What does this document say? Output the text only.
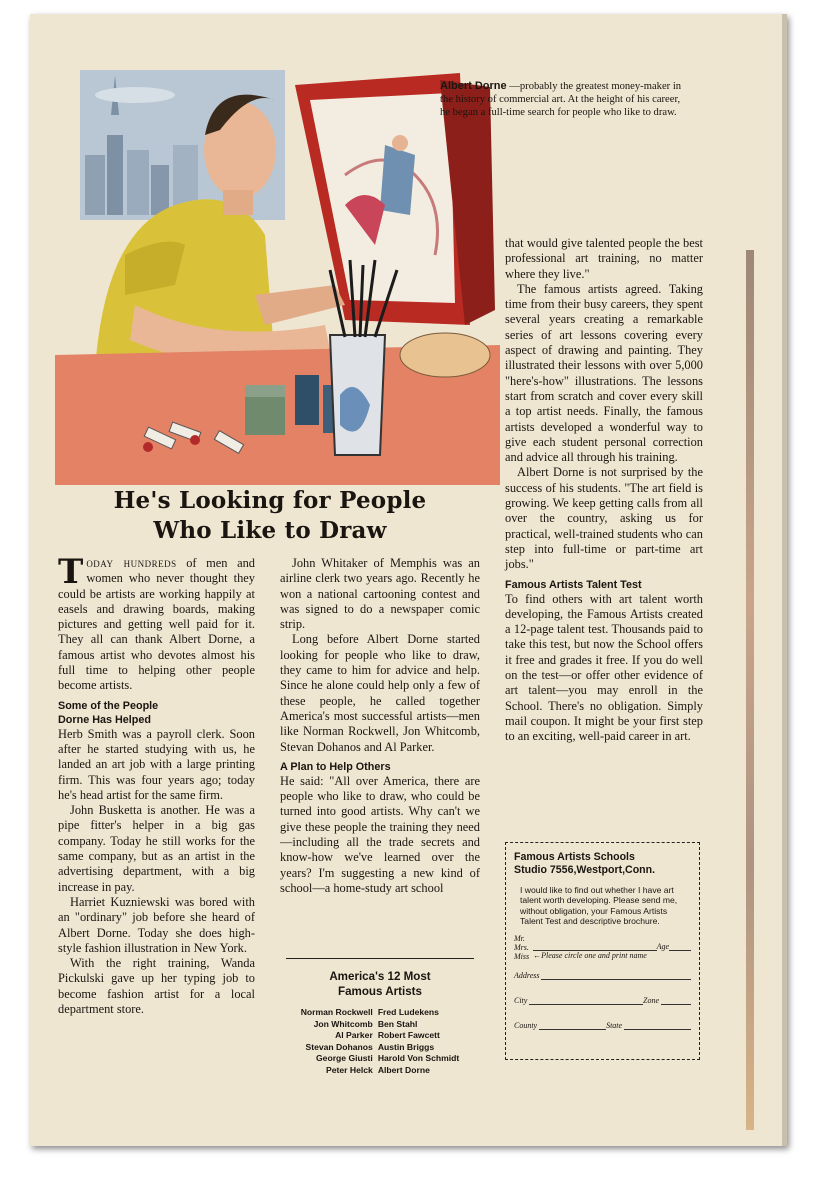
Albert Dorne —probably the greatest money-maker in the history of commercial art. At the height of his career, he began a full-time search for people who like to draw.
He's Looking for People
Who Like to Draw

Today hundreds of men and women who never thought they could be artists are working happily at easels and drawing boards, making pictures and getting well paid for it. They all can thank Albert Dorne, a famous artist who devotes almost his full time to helping other people become artists.

Some of the People
Dorne Has Helped

Herb Smith was a payroll clerk. Soon after he started studying with us, he landed an art job with a large printing firm. This was four years ago; today he's head artist for the same firm.

John Busketta is another. He was a pipe fitter's helper in a big gas company. Today he still works for the same company, but as an artist in the advertising department, with a big increase in pay.

Harriet Kuzniewski was bored with an "ordinary" job before she heard of Albert Dorne. Today she does high-style fashion illustration in New York.

With the right training, Wanda Pickulski gave up her typing job to become fashion artist for a local department store.

John Whitaker of Memphis was an airline clerk two years ago. Recently he won a national cartooning contest and was signed to do a newspaper comic strip.

Long before Albert Dorne started looking for people who like to draw, they came to him for advice and help. Since he alone could help only a few of these people, he called together America's most successful artists—men like Norman Rockwell, Jon Whitcomb, Stevan Dohanos and Al Parker.

A Plan to Help Others

He said: "All over America, there are people who like to draw, who could be turned into good artists. Why can't we give these people the training they need—including all the trade secrets and know-how we've learned over the years? I'm suggesting a new kind of school—a home-study art school

America's 12 Most
Famous Artists
Norman Rockwell
Jon Whitcomb
Al Parker
Stevan Dohanos
George Giusti
Peter Helck
Fred Ludekens
Ben Stahl
Robert Fawcett
Austin Briggs
Harold Von Schmidt
Albert Dorne

that would give talented people the best professional art training, no matter where they live."

The famous artists agreed. Taking time from their busy careers, they spent several years creating a remarkable series of art lessons covering every aspect of drawing and painting. They illustrated their lessons with over 5,000 "here's-how" illustrations. The lessons start from scratch and cover every skill a top artist needs. Finally, the famous artists developed a wonderful way to give each student personal correction and advice all through his training.

Albert Dorne is not surprised by the success of his students. "The art field is growing. We keep getting calls from all over the country, asking us for practical, well-trained students who can step into full-time or part-time art jobs."

Famous Artists Talent Test

To find others with art talent worth developing, the Famous Artists created a 12-page talent test. Thousands paid to take this test, but now the School offers it free and grades it free. If you do well on the test—or offer other evidence of art talent—you may enroll in the School. There's no obligation. Simply mail coupon. It might be your first step to an exciting, well-paid career in art.

Famous Artists Schools
Studio 7556,Westport,Conn.
I would like to find out whether I have art talent worth developing. Please send me, without obligation, your Famous Artists Talent Test and descriptive brochure.
Mr.
Mrs.
Miss
Age
←Please circle one and print name
Address
City	Zone
County	State
